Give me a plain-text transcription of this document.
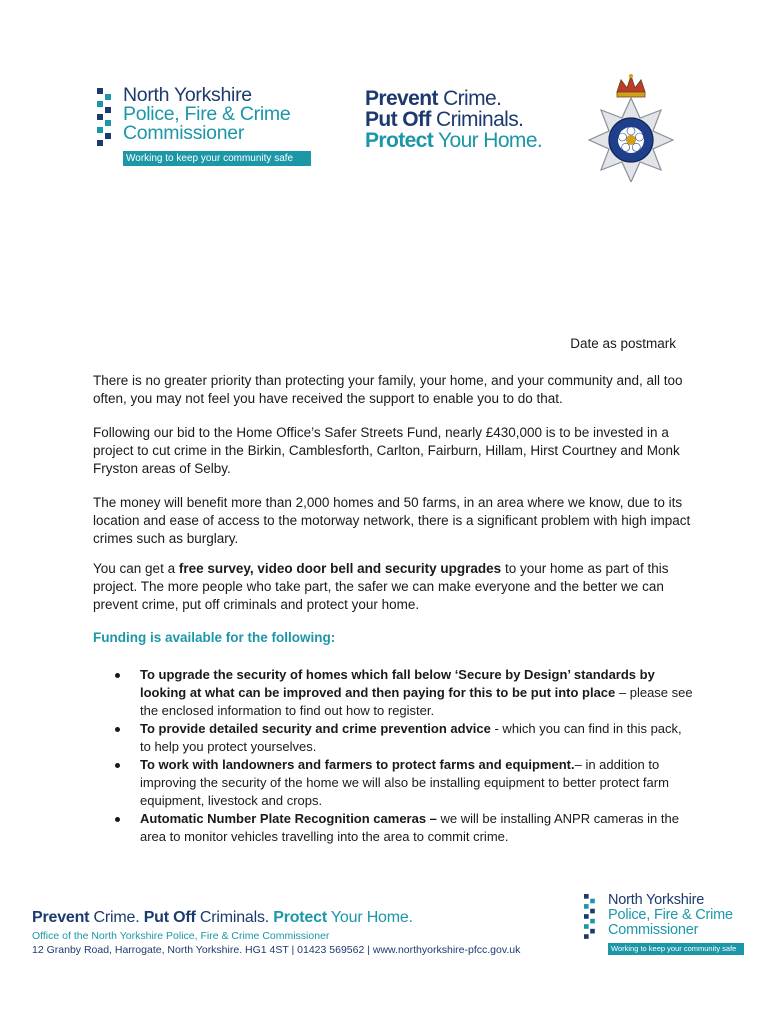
North Yorkshire
Police, Fire & Crime
Commissioner
Working to keep your community safe
Prevent Crime.
Put Off Criminals.
Protect Your Home.
Date as postmark
There is no greater priority than protecting your family, your home, and your community and, all too often, you may not feel you have received the support to enable you to do that.
Following our bid to the Home Office’s Safer Streets Fund, nearly £430,000 is to be invested in a project to cut crime in the Birkin, Camblesforth, Carlton, Fairburn, Hillam, Hirst Courtney and Monk Fryston areas of Selby.
The money will benefit more than 2,000 homes and 50 farms, in an area where we know, due to its location and ease of access to the motorway network, there is a significant problem with high impact crimes such as burglary.
You can get a free survey, video door bell and security upgrades to your home as part of this project. The more people who take part, the safer we can make everyone and the better we can prevent crime, put off criminals and protect your home.
Funding is available for the following:
To upgrade the security of homes which fall below ‘Secure by Design’ standards by looking at what can be improved and then paying for this to be put into place – please see the enclosed information to find out how to register.
To provide detailed security and crime prevention advice - which you can find in this pack, to help you protect yourselves.
To work with landowners and farmers to protect farms and equipment.– in addition to improving the security of the home we will also be installing equipment to better protect farm equipment, livestock and crops.
Automatic Number Plate Recognition cameras – we will be installing ANPR cameras in the area to monitor vehicles travelling into the area to commit crime.
Prevent Crime. Put Off Criminals. Protect Your Home.
Office of the North Yorkshire Police, Fire & Crime Commissioner
12 Granby Road, Harrogate, North Yorkshire. HG1 4ST | 01423 569562 | www.northyorkshire-pfcc.gov.uk
North Yorkshire
Police, Fire & Crime
Commissioner
Working to keep your community safe
